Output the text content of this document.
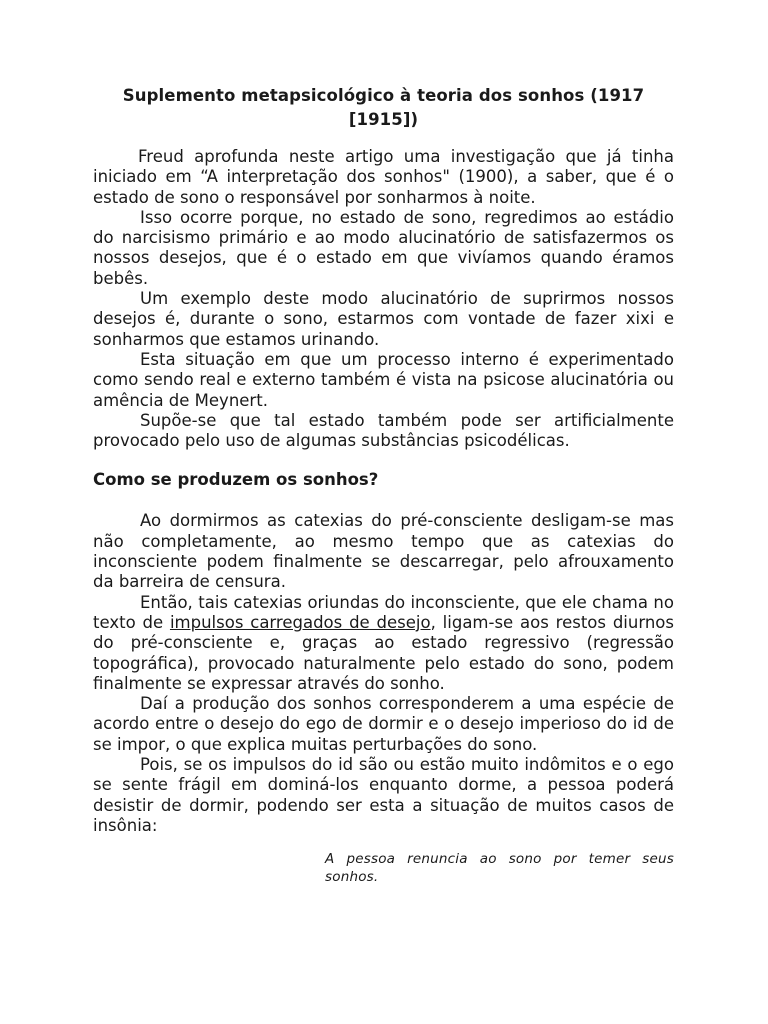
Suplemento metapsicológico à teoria dos sonhos (1917 [1915])

Freud aprofunda neste artigo uma investigação que já tinha iniciado em “A interpretação dos sonhos" (1900), a saber, que é o estado de sono o responsável por sonharmos à noite.

Isso ocorre porque, no estado de sono, regredimos ao estádio do narcisismo primário e ao modo alucinatório de satisfazermos os nossos desejos, que é o estado em que vivíamos quando éramos bebês.

Um exemplo deste modo alucinatório de suprirmos nossos desejos é, durante o sono, estarmos com vontade de fazer xixi e sonharmos que estamos urinando.

Esta situação em que um processo interno é experimentado como sendo real e externo também é vista na psicose alucinatória ou amência de Meynert.

Supõe-se que tal estado também pode ser artificialmente provocado pelo uso de algumas substâncias psicodélicas.

Como se produzem os sonhos?

Ao dormirmos as catexias do pré-consciente desligam-se mas não completamente, ao mesmo tempo que as catexias do inconsciente podem finalmente se descarregar, pelo afrouxamento da barreira de censura.

Então, tais catexias oriundas do inconsciente, que ele chama no texto de impulsos carregados de desejo, ligam-se aos restos diurnos do pré-consciente e, graças ao estado regressivo (regressão topográfica), provocado naturalmente pelo estado do sono, podem finalmente se expressar através do sonho.

Daí a produção dos sonhos corresponderem a uma espécie de acordo entre o desejo do ego de dormir e o desejo imperioso do id de se impor, o que explica muitas perturbações do sono.

Pois, se os impulsos do id são ou estão muito indômitos e o ego se sente frágil em dominá-los enquanto dorme, a pessoa poderá desistir de dormir, podendo ser esta a situação de muitos casos de insônia:

A pessoa renuncia ao sono por temer seus sonhos.
